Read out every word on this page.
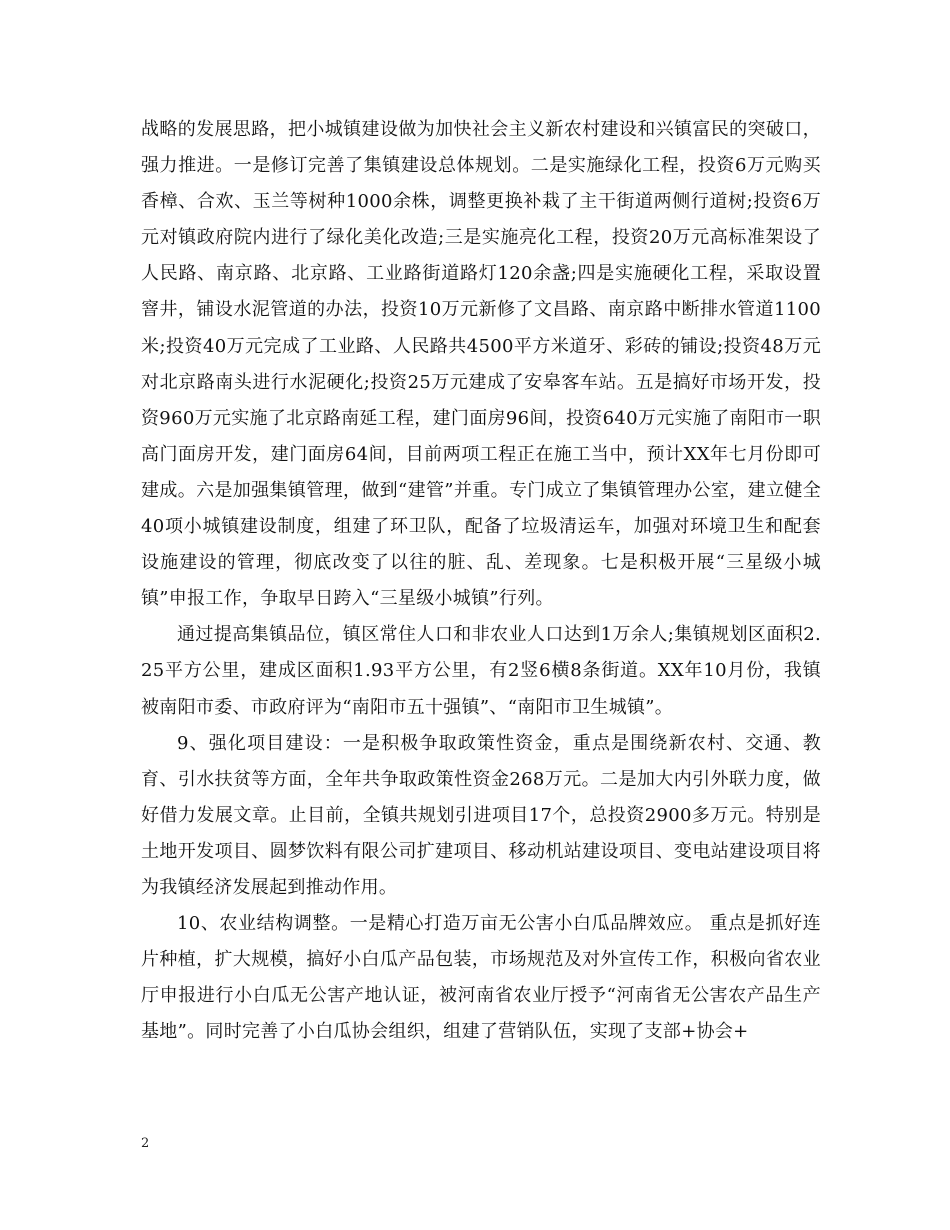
战略的发展思路，把小城镇建设做为加快社会主义新农村建设和兴镇富民的突破口，强力推进。一是修订完善了集镇建设总体规划。二是实施绿化工程，投资6万元购买香樟、合欢、玉兰等树种1000余株，调整更换补栽了主干街道两侧行道树;投资6万元对镇政府院内进行了绿化美化改造;三是实施亮化工程，投资20万元高标准架设了人民路、南京路、北京路、工业路街道路灯120余盏;四是实施硬化工程，采取设置窨井，铺设水泥管道的办法，投资10万元新修了文昌路、南京路中断排水管道1100米;投资40万元完成了工业路、人民路共4500平方米道牙、彩砖的铺设;投资48万元对北京路南头进行水泥硬化;投资25万元建成了安皋客车站。五是搞好市场开发，投资960万元实施了北京路南延工程，建门面房96间，投资640万元实施了南阳市一职高门面房开发，建门面房64间，目前两项工程正在施工当中，预计XX年七月份即可建成。六是加强集镇管理，做到“建管”并重。专门成立了集镇管理办公室，建立健全40项小城镇建设制度，组建了环卫队，配备了垃圾清运车，加强对环境卫生和配套设施建设的管理，彻底改变了以往的脏、乱、差现象。七是积极开展“三星级小城镇”申报工作，争取早日跨入“三星级小城镇”行列。

通过提高集镇品位，镇区常住人口和非农业人口达到1万余人;集镇规划区面积2.25平方公里，建成区面积1.93平方公里，有2竖6横8条街道。XX年10月份，我镇被南阳市委、市政府评为“南阳市五十强镇”、“南阳市卫生城镇”。

9、强化项目建设：一是积极争取政策性资金，重点是围绕新农村、交通、教育、引水扶贫等方面，全年共争取政策性资金268万元。二是加大内引外联力度，做好借力发展文章。止目前，全镇共规划引进项目17个，总投资2900多万元。特别是土地开发项目、圆梦饮料有限公司扩建项目、移动机站建设项目、变电站建设项目将为我镇经济发展起到推动作用。

10、农业结构调整。一是精心打造万亩无公害小白瓜品牌效应。 重点是抓好连片种植，扩大规模，搞好小白瓜产品包装，市场规范及对外宣传工作，积极向省农业厅申报进行小白瓜无公害产地认证，被河南省农业厅授予“河南省无公害农产品生产基地”。同时完善了小白瓜协会组织，组建了营销队伍，实现了支部+协会+

2
